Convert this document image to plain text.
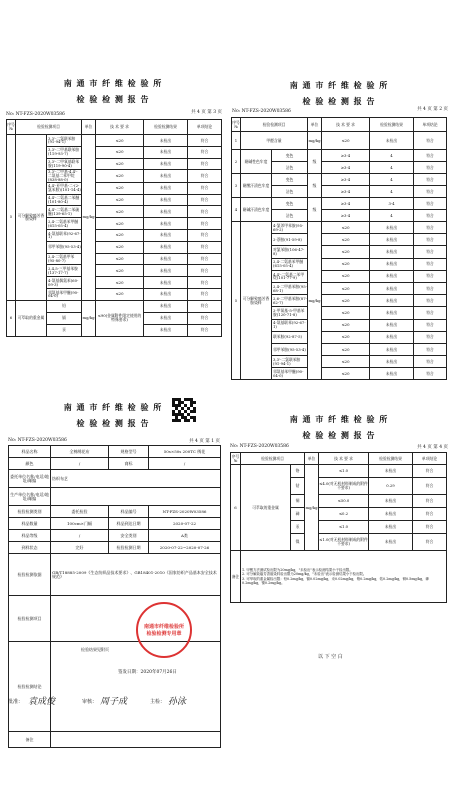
南 通 市 纤 维 检 验 所
检 验 检 测 报 告
No: NT-FZS-2020W03586	共 4 页 第 3 页
序号 №	检验检测项目		单位	技 术 要 求	检验检测结果	单项结论
5	可分解致癌芳香胺染料	3,3'-二氯联苯胺(91-94-1)	mg/kg	≤20	未检出	符合
		3,3'-二甲基联苯胺(119-93-7)		≤20	未检出	符合
		3,3'-二甲氧基联苯胺(119-90-4)		≤20	未检出	符合
		3,3'-二甲基-4,4'-二氨基二苯甲烷(838-88-0)		≤20	未检出	符合
		4,4'-亚甲基-二-(2-氯苯胺)(101-14-4)		≤20	未检出	符合
		4,4'-二氨基二苯醚(101-80-4)		≤20	未检出	符合
		4,4'-二氨基二苯硫醚(139-65-1)		≤20	未检出	符合
		2,4-二氨基苯甲醚(615-05-4)		≤20	未检出	符合
		4-氨基联苯(92-67-1)		≤20	未检出	符合
		邻甲苯胺(95-53-4)		≤20	未检出	符合
		2,4-二氨基甲苯(95-80-7)		≤20	未检出	符合
		2,4,5-三甲基苯胺(137-17-7)		≤20	未检出	符合
		4-氨基偶氮苯(60-09-3)		≤20	未检出	符合
		邻氨基苯甲醚(90-04-0)		≤20	未检出	符合
6	可萃取的重金属	铅	mg/kg	≤90(金属附件限定使用的特殊要求)	未检出	符合
		镉			未检出	符合
		汞			未检出	符合
南 通 市 纤 维 检 验 所
检 验 检 测 报 告
No: NT-FZS-2020W03586	共 4 页 第 2 页
序号 №	检验检测项目		单位	技 术 要 求	检验检测结果	单项结论
1	甲醛含量		mg/kg	≤20	未检出	符合
2	耐碱性色牢度	变色	级	≥3-4	4	符合
		沾色		≥3-4	4	符合
3	耐酸汗渍色牢度	变色	级	≥3-4	4	符合
		沾色		≥3-4	4	符合
4	耐碱汗渍色牢度	变色	级	≥3-4	3-4	符合
		沾色		≥3-4	4	符合
5	可分解致癌芳香胺染料	4-氯邻甲苯胺(95-69-2)	mg/kg	≤20	未检出	符合
		2-萘胺(91-59-8)		≤20	未检出	符合
		对氯苯胺(106-47-8)		≤20	未检出	符合
		2,4-二氨基苯甲醚(615-05-4)		≤20	未检出	符合
		4,4'-二氨基二苯甲烷(101-77-9)		≤20	未检出	符合
		2,4-二甲基苯胺(95-68-1)		≤20	未检出	符合
		2,6-二甲基苯胺(87-62-7)		≤20	未检出	符合
		2-甲氧基-5-甲基苯胺(120-71-8)		≤20	未检出	符合
		4-氨基联苯(92-67-1)		≤20	未检出	符合
		联苯胺(92-87-5)		≤20	未检出	符合
		邻甲苯胺(95-53-4)		≤20	未检出	符合
		3,3'-二氯联苯胺(91-94-1)		≤20	未检出	符合
		邻氨基苯甲醚(90-04-0)		≤20	未检出	符合
南 通 市 纤 维 检 验 所
检 验 检 测 报 告
No: NT-FZS-2020W03586	共 4 页 第 1 页
样品名称	全棉绣花布	规格型号	50s×50s 200TC 绣花
颜色	/	商标	/
委托单位名称/电话/地址/邮编	纺织布艺		
生产单位名称/电话/地址/邮编			
检验检测类别	委托检验	样品编号	NT-FZS-2020W03586
样品数量	100cm×门幅	样品到达日期	2020-07-22
样品等级	/	安全类别	A类
到样状态	完好	检验检测日期	2020-07-22~2020-07-26
检验检测依据	GB/T18885-2009《生态纺织品技术要求》、GB18401-2010《国家纺织产品基本安全技术规范》		
检验检测项目			
检验检测结论	检验结果见附页		
备注			
南通市纤维检验所 检验检测专用章
签发日期：2020年07月26日
批准： 袁成俊	审核： 周子成	主检： 孙泳
南 通 市 纤 维 检 验 所
检 验 检 测 报 告
No: NT-FZS-2020W03586	共 4 页 第 4 页
序号 №	检验检测项目		单位	技 术 要 求	检验检测结果	单项结论
6	可萃取的重金属	铬	mg/kg	≤1.0	未检出	符合
		钴		≤4.0(对无机材料制成的附件不要求)	0.29	符合
		铜		≤50.0	未检出	符合
		砷		≤0.2	未检出	符合
		汞		≤1.0	未检出	符合
		镍		≤1.0(对无机材料制成的附件不要求)	未检出	符合
备注	1. 甲醛方法测试检出限为20mg/kg，"未检出"表示检测结果小于检出限。
2. 可分解致癌芳香胺染料检出限为20mg/kg，"未检出"表示检测结果小于检出限。
3. 可萃取的重金属检出限：铅0.2mg/kg，镉0.02mg/kg，汞0.02mg/kg，铬0.2mg/kg，钴0.2mg/kg，铜0.5mg/kg，砷0.2mg/kg，镍0.2mg/kg。					
以 下 空 白
